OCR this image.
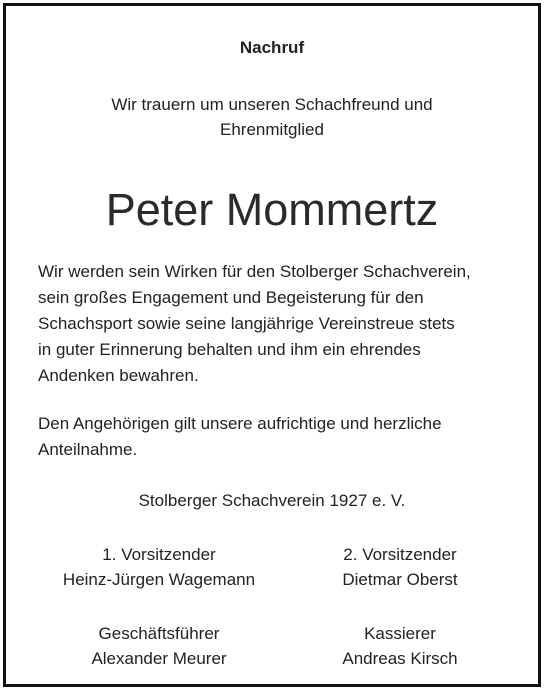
Nachruf
Wir trauern um unseren Schachfreund und
Ehrenmitglied
Peter Mommertz
Wir werden sein Wirken für den Stolberger Schachverein,
sein großes Engagement und Begeisterung für den
Schachsport sowie seine langjährige Vereinstreue stets
in guter Erinnerung behalten und ihm ein ehrendes
Andenken bewahren.
Den Angehörigen gilt unsere aufrichtige und herzliche
Anteilnahme.
Stolberger Schachverein 1927 e. V.
1. Vorsitzender
Heinz-Jürgen Wagemann
2. Vorsitzender
Dietmar Oberst
Geschäftsführer
Alexander Meurer
Kassierer
Andreas Kirsch
